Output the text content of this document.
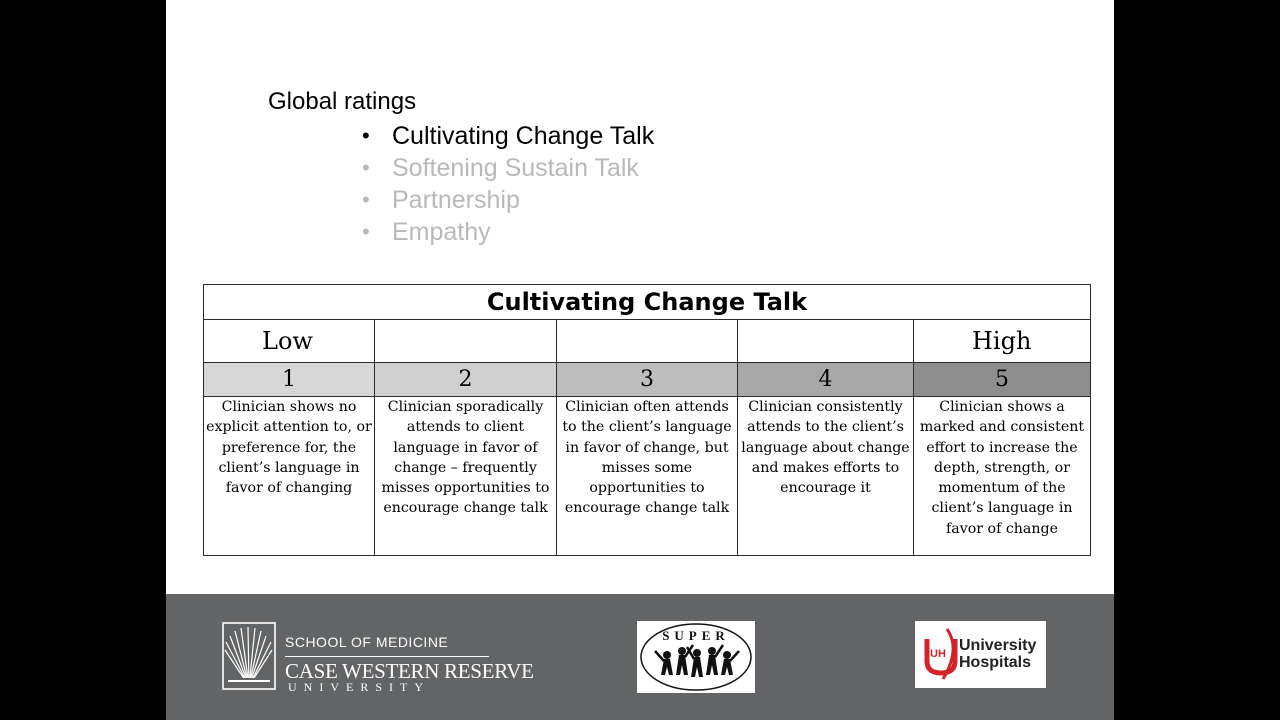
Global ratings
• Cultivating Change Talk
• Softening Sustain Talk
• Partnership
• Empathy
Cultivating Change Talk				

Low				High

1	2	3	4	5
Clinician shows no explicit attention to, or preference for, the client’s language in favor of changing	Clinician sporadically attends to client language in favor of change – frequently misses opportunities to encourage change talk	Clinician often attends to the client’s language in favor of change, but misses some opportunities to encourage change talk	Clinician consistently attends to the client’s language about change and makes efforts to encourage it	Clinician shows a marked and consistent effort to increase the depth, strength, or momentum of the client’s language in favor of change
SCHOOL OF MEDICINE
CASE WESTERN RESERVE
UNIVERSITY
SUPER
UH University
Hospitals
